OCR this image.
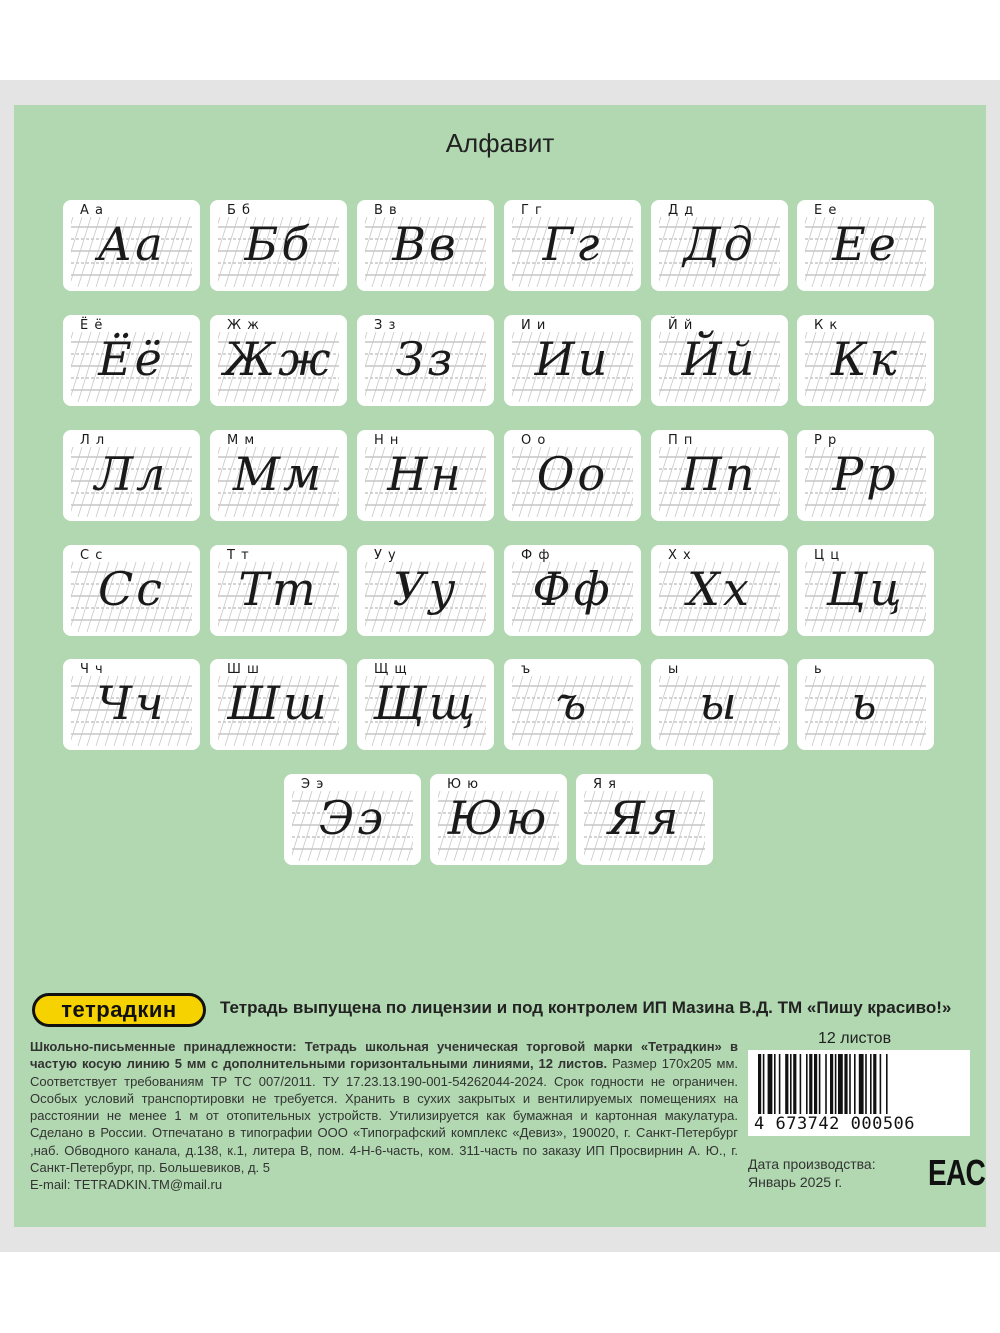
Алфавит
А а
Аа
Б б
Бб
В в
Вв
Г г
Гг
Д д
Дд
Е е
Ее
Ё ё
Ёё
Ж ж
Жж
З з
Зз
И и
Ии
Й й
Йй
К к
Кк
Л л
Лл
М м
Мм
Н н
Нн
О о
Оо
П п
Пп
Р р
Рр
С с
Сс
Т т
Тт
У у
Уу
Ф ф
Фф
Х х
Хх
Ц ц
Цц
Ч ч
Чч
Ш ш
Шш
Щ щ
Щщ
ъ
ъ
ы
ы
ь
ь
Э э
Ээ
Ю ю
Юю
Я я
Яя
тетрадкин	Тетрадь выпущена по лицензии и под контролем ИП Мазина В.Д. ТМ «Пишу красиво!»
Школьно-письменные принадлежности: Тетрадь школьная ученическая торговой марки «Тетрадкин» в частую косую линию 5 мм с дополнительными горизонтальными линиями, 12 листов. Размер 170х205 мм. Соответствует требованиям ТР ТС 007/2011. ТУ 17.23.13.190-001-54262044-2024. Срок годности не ограничен. Особых условий транспортировки не требуется. Хранить в сухих закрытых и вентилируемых помещениях на расстоянии не менее 1 м от отопительных устройств. Утилизируется как бумажная и картонная макулатура. Сделано в России. Отпечатано в типографии ООО «Типографский комплекс «Девиз», 190020, г. Санкт-Петербург ,наб. Обводного канала, д.138, к.1, литера В, пом. 4-Н-6-часть, ком. 311-часть по заказу ИП Просвирнин А. Ю., г. Санкт-Петербург, пр. Большевиков, д. 5
E-mail: TETRADKIN.TM@mail.ru
12 листов
4 673742 000506
Дата производства:
Январь 2025 г.	EAC
